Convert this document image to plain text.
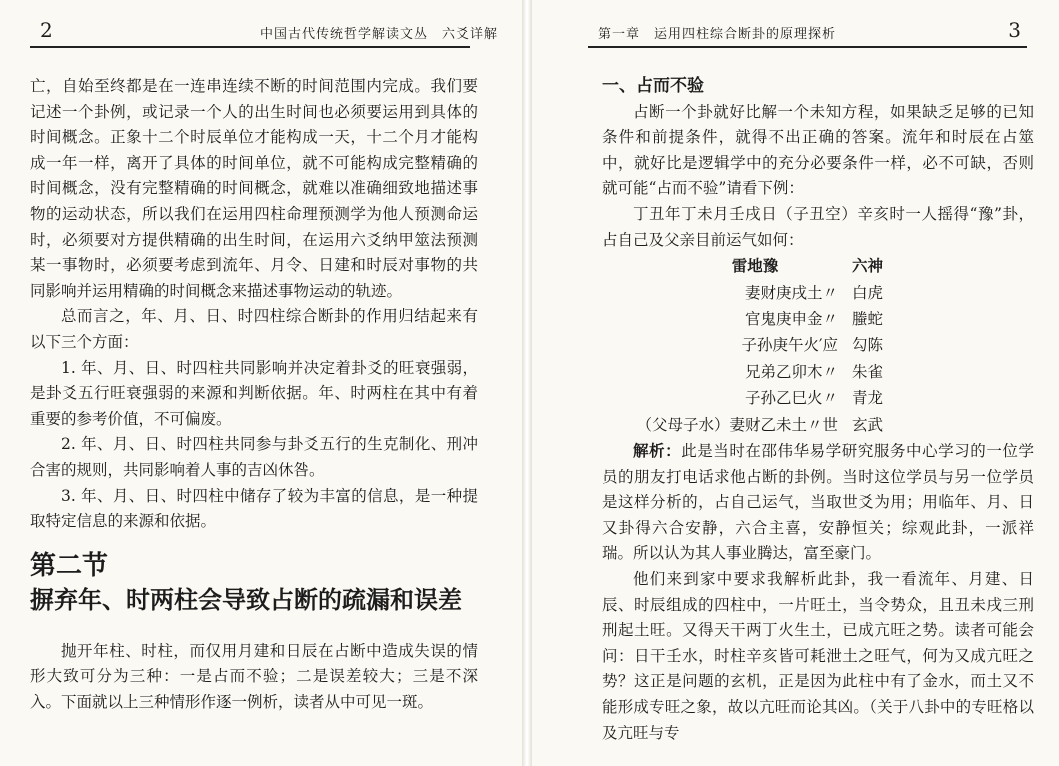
2	中国古代传统哲学解读文丛　六爻详解

亡，自始至终都是在一连串连续不断的时间范围内完成。我们要记述一个卦例，或记录一个人的出生时间也必须要运用到具体的时间概念。正象十二个时辰单位才能构成一天，十二个月才能构成一年一样，离开了具体的时间单位，就不可能构成完整精确的时间概念，没有完整精确的时间概念，就难以准确细致地描述事物的运动状态，所以我们在运用四柱命理预测学为他人预测命运时，必须要对方提供精确的出生时间，在运用六爻纳甲筮法预测某一事物时，必须要考虑到流年、月令、日建和时辰对事物的共同影响并运用精确的时间概念来描述事物运动的轨迹。

总而言之，年、月、日、时四柱综合断卦的作用归结起来有以下三个方面：

1. 年、月、日、时四柱共同影响并决定着卦爻的旺衰强弱，是卦爻五行旺衰强弱的来源和判断依据。年、时两柱在其中有着重要的参考价值，不可偏废。

2. 年、月、日、时四柱共同参与卦爻五行的生克制化、刑冲合害的规则，共同影响着人事的吉凶休咎。

3. 年、月、日、时四柱中储存了较为丰富的信息，是一种提取特定信息的来源和依据。

第二节

摒弃年、时两柱会导致占断的疏漏和误差

抛开年柱、时柱，而仅用月建和日辰在占断中造成失误的情形大致可分为三种：一是占而不验；二是误差较大；三是不深入。下面就以上三种情形作逐一例析，读者从中可见一斑。

第一章　运用四柱综合断卦的原理探析	3

一、占而不验

占断一个卦就好比解一个未知方程，如果缺乏足够的已知条件和前提条件，就得不出正确的答案。流年和时辰在占筮中，就好比是逻辑学中的充分必要条件一样，必不可缺，否则就可能“占而不验”请看下例：

丁丑年丁未月壬戌日（子丑空）辛亥时一人摇得“豫”卦，占自己及父亲目前运气如何：

雷地豫	六神
妻财庚戌土〃 白虎
官鬼庚申金〃 螣蛇
子孙庚午火′应 勾陈
兄弟乙卯木〃 朱雀
子孙乙巳火〃 青龙
（父母子水）妻财乙未土〃世 玄武

解析：此是当时在邵伟华易学研究服务中心学习的一位学员的朋友打电话求他占断的卦例。当时这位学员与另一位学员是这样分析的，占自己运气，当取世爻为用；用临年、月、日又卦得六合安静，六合主喜，安静恒关；综观此卦，一派祥瑞。所以认为其人事业腾达，富至豪门。

他们来到家中要求我解析此卦，我一看流年、月建、日辰、时辰组成的四柱中，一片旺土，当令势众，且丑未戌三刑刑起土旺。又得天干两丁火生土，已成亢旺之势。读者可能会问：日干壬水，时柱辛亥皆可耗泄土之旺气，何为又成亢旺之势？这正是问题的玄机，正是因为此柱中有了金水，而土又不能形成专旺之象，故以亢旺而论其凶。（关于八卦中的专旺格以及亢旺与专
